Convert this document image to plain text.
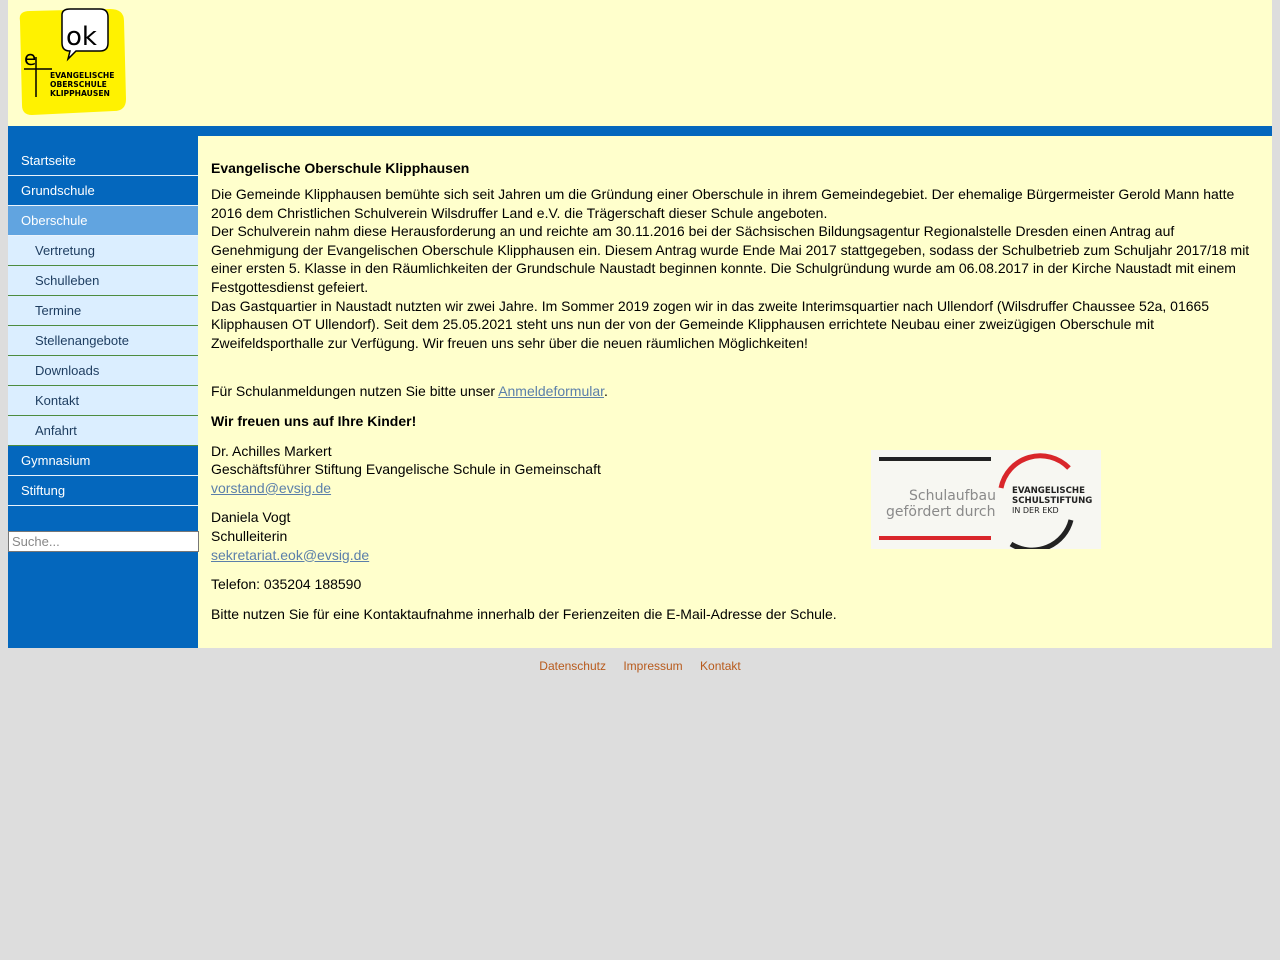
ok
e
EVANGELISCHE
OBERSCHULE
KLIPPHAUSEN
Startseite
Grundschule
Oberschule
Vertretung
Schulleben
Termine
Stellenangebote
Downloads
Kontakt
Anfahrt
Gymnasium
Stiftung
Suche...
Evangelische Oberschule Klipphausen

Die Gemeinde Klipphausen bemühte sich seit Jahren um die Gründung einer Oberschule in ihrem Gemeindegebiet. Der ehemalige Bürgermeister Gerold Mann hatte 2016 dem Christlichen Schulverein Wilsdruffer Land e.V. die Trägerschaft dieser Schule angeboten.
Der Schulverein nahm diese Herausforderung an und reichte am 30.11.2016 bei der Sächsischen Bildungsagentur Regionalstelle Dresden einen Antrag auf Genehmigung der Evangelischen Oberschule Klipphausen ein. Diesem Antrag wurde Ende Mai 2017 stattgegeben, sodass der Schulbetrieb zum Schuljahr 2017/18 mit einer ersten 5. Klasse in den Räumlichkeiten der Grundschule Naustadt beginnen konnte. Die Schulgründung wurde am 06.08.2017 in der Kirche Naustadt mit einem Festgottesdienst gefeiert.
Das Gastquartier in Naustadt nutzten wir zwei Jahre. Im Sommer 2019 zogen wir in das zweite Interimsquartier nach Ullendorf (Wilsdruffer Chaussee 52a, 01665 Klipphausen OT Ullendorf). Seit dem 25.05.2021 steht uns nun der von der Gemeinde Klipphausen errichtete Neubau einer zweizügigen Oberschule mit Zweifeldsporthalle zur Verfügung. Wir freuen uns sehr über die neuen räumlichen Möglichkeiten!

Für Schulanmeldungen nutzen Sie bitte unser Anmeldeformular.

Wir freuen uns auf Ihre Kinder!

Dr. Achilles Markert
Geschäftsführer Stiftung Evangelische Schule in Gemeinschaft
vorstand@evsig.de

Daniela Vogt
Schulleiterin
sekretariat.eok@evsig.de

Telefon: 035204 188590

Bitte nutzen Sie für eine Kontaktaufnahme innerhalb der Ferienzeiten die E-Mail-Adresse der Schule.

Schulaufbau
gefördert durch
EVANGELISCHE
SCHULSTIFTUNG
IN DER EKD
Datenschutz Impressum Kontakt
